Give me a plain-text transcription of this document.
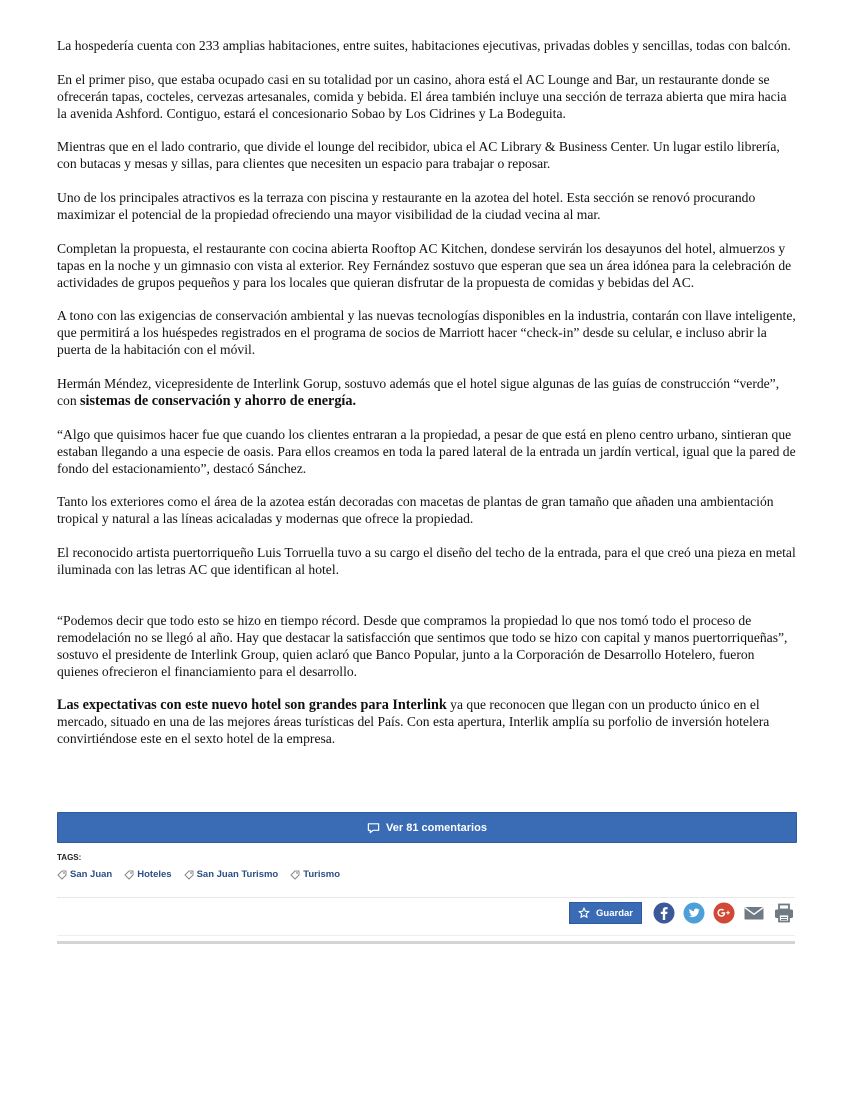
La hospedería cuenta con 233 amplias habitaciones, entre suites, habitaciones ejecutivas, privadas dobles y sencillas, todas con balcón.

En el primer piso, que estaba ocupado casi en su totalidad por un casino, ahora está el AC Lounge and Bar, un restaurante donde se ofrecerán tapas, cocteles, cervezas artesanales, comida y bebida. El área también incluye una sección de terraza abierta que mira hacia la avenida Ashford. Contiguo, estará el concesionario Sobao by Los Cidrines y La Bodeguita.

Mientras que en el lado contrario, que divide el lounge del recibidor, ubica el AC Library & Business Center. Un lugar estilo librería, con butacas y mesas y sillas, para clientes que necesiten un espacio para trabajar o reposar.

Uno de los principales atractivos es la terraza con piscina y restaurante en la azotea del hotel. Esta sección se renovó procurando maximizar el potencial de la propiedad ofreciendo una mayor visibilidad de la ciudad vecina al mar.

Completan la propuesta, el restaurante con cocina abierta Rooftop AC Kitchen, dondese servirán los desayunos del hotel, almuerzos y tapas en la noche y un gimnasio con vista al exterior. Rey Fernández sostuvo que esperan que sea un área idónea para la celebración de actividades de grupos pequeños y para los locales que quieran disfrutar de la propuesta de comidas y bebidas del AC.

A tono con las exigencias de conservación ambiental y las nuevas tecnologías disponibles en la industria, contarán con llave inteligente, que permitirá a los huéspedes registrados en el programa de socios de Marriott hacer “check-in” desde su celular, e incluso abrir la puerta de la habitación con el móvil.

Hermán Méndez, vicepresidente de Interlink Gorup, sostuvo además que el hotel sigue algunas de las guías de construcción “verde”, con sistemas de conservación y ahorro de energía.

“Algo que quisimos hacer fue que cuando los clientes entraran a la propiedad, a pesar de que está en pleno centro urbano, sintieran que estaban llegando a una especie de oasis. Para ellos creamos en toda la pared lateral de la entrada un jardín vertical, igual que la pared de fondo del estacionamiento”, destacó Sánchez.

Tanto los exteriores como el área de la azotea están decoradas con macetas de plantas de gran tamaño que añaden una ambientación tropical y natural a las líneas acicaladas y modernas que ofrece la propiedad.

El reconocido artista puertorriqueño Luis Torruella tuvo a su cargo el diseño del techo de la entrada, para el que creó una pieza en metal iluminada con las letras AC que identifican al hotel.

“Podemos decir que todo esto se hizo en tiempo récord. Desde que compramos la propiedad lo que nos tomó todo el proceso de remodelación no se llegó al año. Hay que destacar la satisfacción que sentimos que todo se hizo con capital y manos puertorriqueñas”, sostuvo el presidente de Interlink Group, quien aclaró que Banco Popular, junto a la Corporación de Desarrollo Hotelero, fueron quienes ofrecieron el financiamiento para el desarrollo.

Las expectativas con este nuevo hotel son grandes para Interlink ya que reconocen que llegan con un producto único en el mercado, situado en una de las mejores áreas turísticas del País. Con esta apertura, Interlik amplía su porfolio de inversión hotelera convirtiéndose este en el sexto hotel de la empresa.

Ver 81 comentarios
TAGS:
San Juan	Hoteles	San Juan Turismo	Turismo
Guardar
